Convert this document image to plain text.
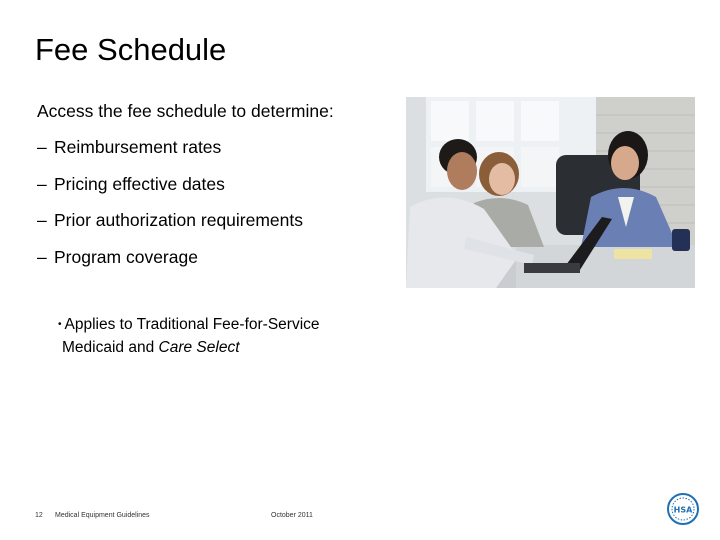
Fee Schedule
Access the fee schedule to determine:
– Reimbursement rates
– Pricing effective dates
– Prior authorization requirements
– Program coverage
• Applies to Traditional Fee-for-Service
Medicaid and Care Select
12 Medical Equipment Guidelines	October 2011
HSA
